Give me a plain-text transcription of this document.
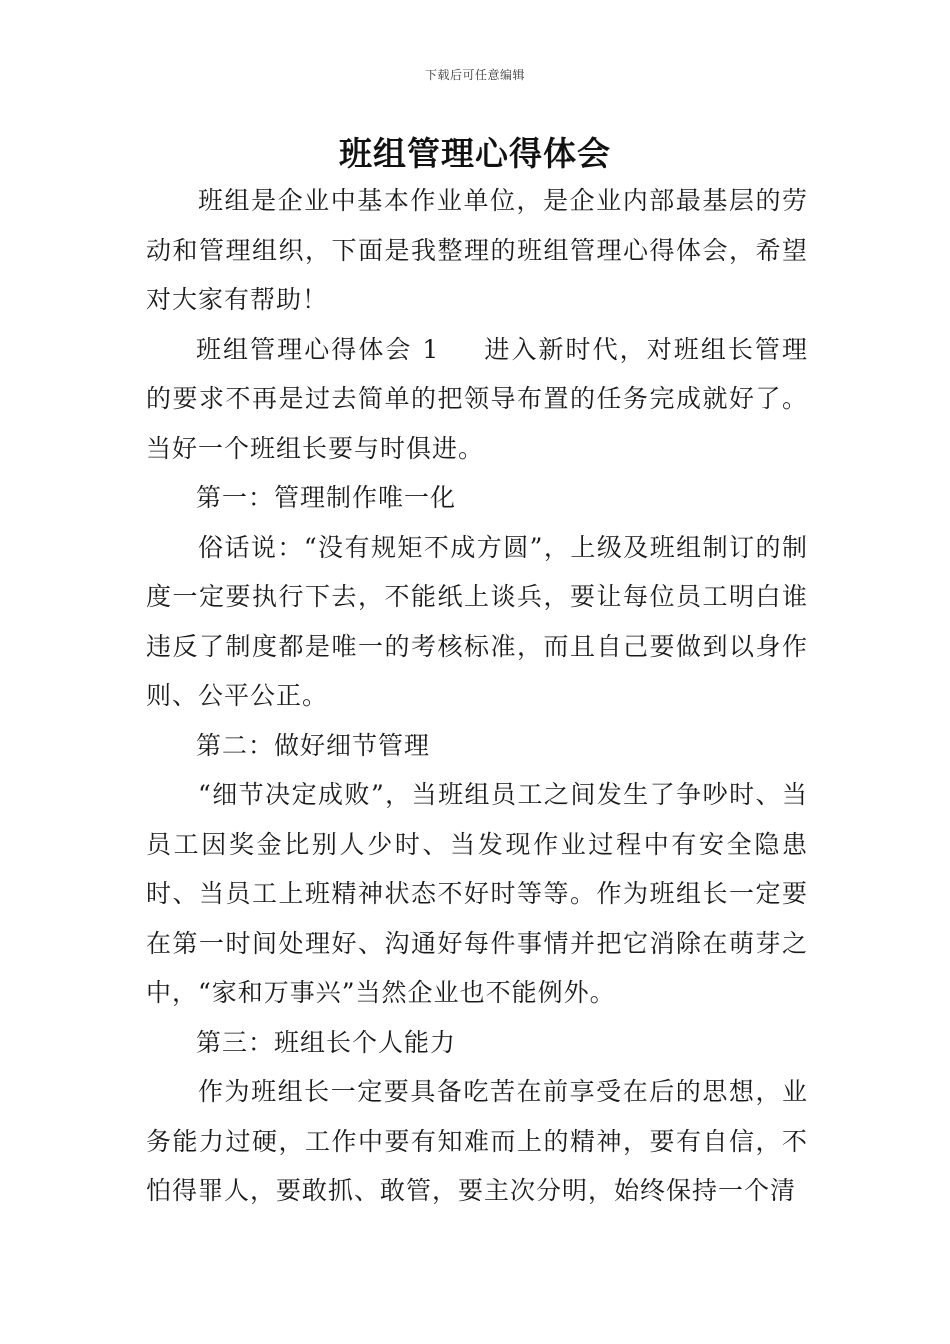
下载后可任意编辑
班组管理心得体会

班组是企业中基本作业单位，是企业内部最基层的劳动和管理组织，下面是我整理的班组管理心得体会，希望对大家有帮助！

班组管理心得体会 1 进入新时代，对班组长管理的要求不再是过去简单的把领导布置的任务完成就好了。当好一个班组长要与时俱进。

第一：管理制作唯一化

俗话说：“没有规矩不成方圆”，上级及班组制订的制度一定要执行下去，不能纸上谈兵，要让每位员工明白谁违反了制度都是唯一的考核标准，而且自己要做到以身作则、公平公正。

第二：做好细节管理

“细节决定成败”，当班组员工之间发生了争吵时、当员工因奖金比别人少时、当发现作业过程中有安全隐患时、当员工上班精神状态不好时等等。作为班组长一定要在第一时间处理好、沟通好每件事情并把它消除在萌芽之中，“家和万事兴”当然企业也不能例外。

第三：班组长个人能力

作为班组长一定要具备吃苦在前享受在后的思想，业务能力过硬，工作中要有知难而上的精神，要有自信，不怕得罪人，要敢抓、敢管，要主次分明，始终保持一个清
